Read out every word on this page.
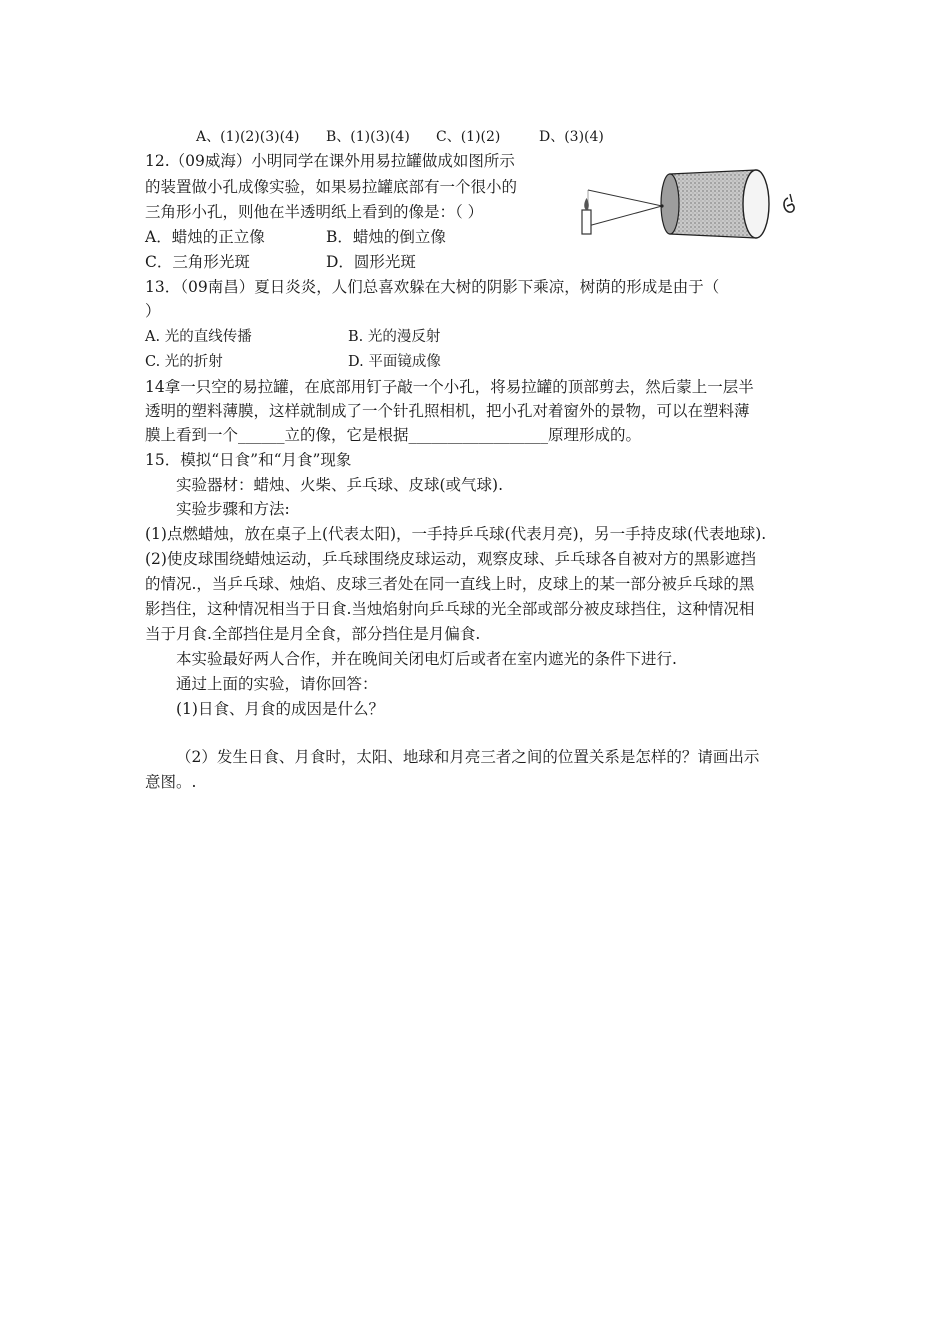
A、(1)(2)(3)(4) B、(1)(3)(4) C、(1)(2)	D、(3)(4)
12.（09威海）小明同学在课外用易拉罐做成如图所示
的装置做小孔成像实验，如果易拉罐底部有一个很小的
三角形小孔，则他在半透明纸上看到的像是：（ ）
A．蜡烛的正立像	B．蜡烛的倒立像
C．三角形光斑	D．圆形光斑
13．（09南昌）夏日炎炎，人们总喜欢躲在大树的阴影下乘凉，树荫的形成是由于（
）
A. 光的直线传播	B. 光的漫反射
C. 光的折射	D. 平面镜成像
14拿一只空的易拉罐，在底部用钉子敲一个小孔，将易拉罐的顶部剪去，然后蒙上一层半
透明的塑料薄膜，这样就制成了一个针孔照相机，把小孔对着窗外的景物，可以在塑料薄
膜上看到一个______立的像，它是根据__________________原理形成的。
15．模拟“日食”和“月食”现象
实验器材：蜡烛、火柴、乒乓球、皮球(或气球).
实验步骤和方法:
(1)点燃蜡烛，放在桌子上(代表太阳)，一手持乒乓球(代表月亮)，另一手持皮球(代表地球).
(2)使皮球围绕蜡烛运动，乒乓球围绕皮球运动，观察皮球、乒乓球各自被对方的黑影遮挡
的情况.，当乒乓球、烛焰、皮球三者处在同一直线上时，皮球上的某一部分被乒乓球的黑
影挡住，这种情况相当于日食.当烛焰射向乒乓球的光全部或部分被皮球挡住，这种情况相
当于月食.全部挡住是月全食，部分挡住是月偏食.
本实验最好两人合作，并在晚间关闭电灯后或者在室内遮光的条件下进行.
通过上面的实验，请你回答：
(1)日食、月食的成因是什么？
（2）发生日食、月食时，太阳、地球和月亮三者之间的位置关系是怎样的？请画出示
意图。.
